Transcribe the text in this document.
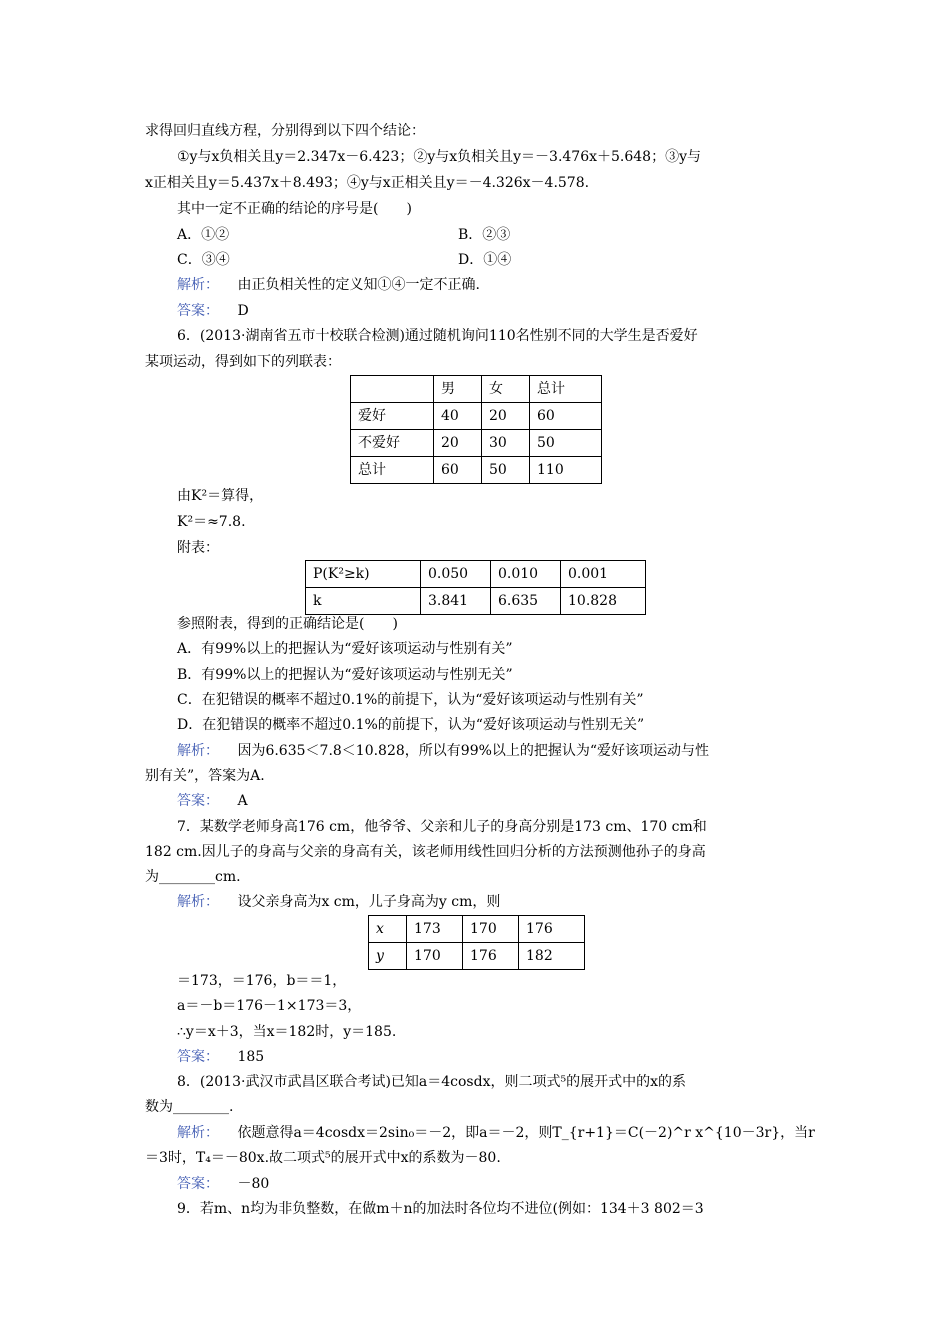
求得回归直线方程，分别得到以下四个结论：
①y与x负相关且y＝2.347x－6.423；②y与x负相关且y＝－3.476x＋5.648；③y与
x正相关且y＝5.437x＋8.493；④y与x正相关且y＝－4.326x－4.578.
其中一定不正确的结论的序号是(　　)
A．①②	B．②③
C．③④	D．①④
解析： 由正负相关性的定义知①④一定不正确.
答案： D
6．(2013·湖南省五市十校联合检测)通过随机询问110名性别不同的大学生是否爱好
某项运动，得到如下的列联表：
	男	女	总计
爱好	40	20	60
不爱好	20	30	50
总计	60	50	110
由K²＝算得，
K²＝≈7.8.
附表：
P(K²≥k)	0.050	0.010	0.001
k	3.841	6.635	10.828
参照附表，得到的正确结论是(　　)
A．有99%以上的把握认为“爱好该项运动与性别有关”
B．有99%以上的把握认为“爱好该项运动与性别无关”
C．在犯错误的概率不超过0.1%的前提下，认为“爱好该项运动与性别有关”
D．在犯错误的概率不超过0.1%的前提下，认为“爱好该项运动与性别无关”
解析： 因为6.635＜7.8＜10.828，所以有99%以上的把握认为“爱好该项运动与性
别有关”，答案为A.
答案： A
7．某数学老师身高176 cm，他爷爷、父亲和儿子的身高分别是173 cm、170 cm和
182 cm.因儿子的身高与父亲的身高有关，该老师用线性回归分析的方法预测他孙子的身高
为________cm.
解析： 设父亲身高为x cm，儿子身高为y cm，则
x	173	170	176
y	170	176	182
＝173，＝176，b＝＝1，
a＝－b＝176－1×173＝3，
∴y＝x＋3，当x＝182时，y＝185.
答案： 185
8．(2013·武汉市武昌区联合考试)已知a＝4cosdx，则二项式⁵的展开式中的x的系
数为________.
解析： 依题意得a＝4cosdx＝2sin₀＝－2，即a＝－2，则T_{r+1}＝C(－2)^r x^{10－3r}，当r
＝3时，T₄＝－80x.故二项式⁵的展开式中x的系数为－80.
答案： －80
9．若m、n均为非负整数，在做m＋n的加法时各位均不进位(例如：134＋3 802＝3
